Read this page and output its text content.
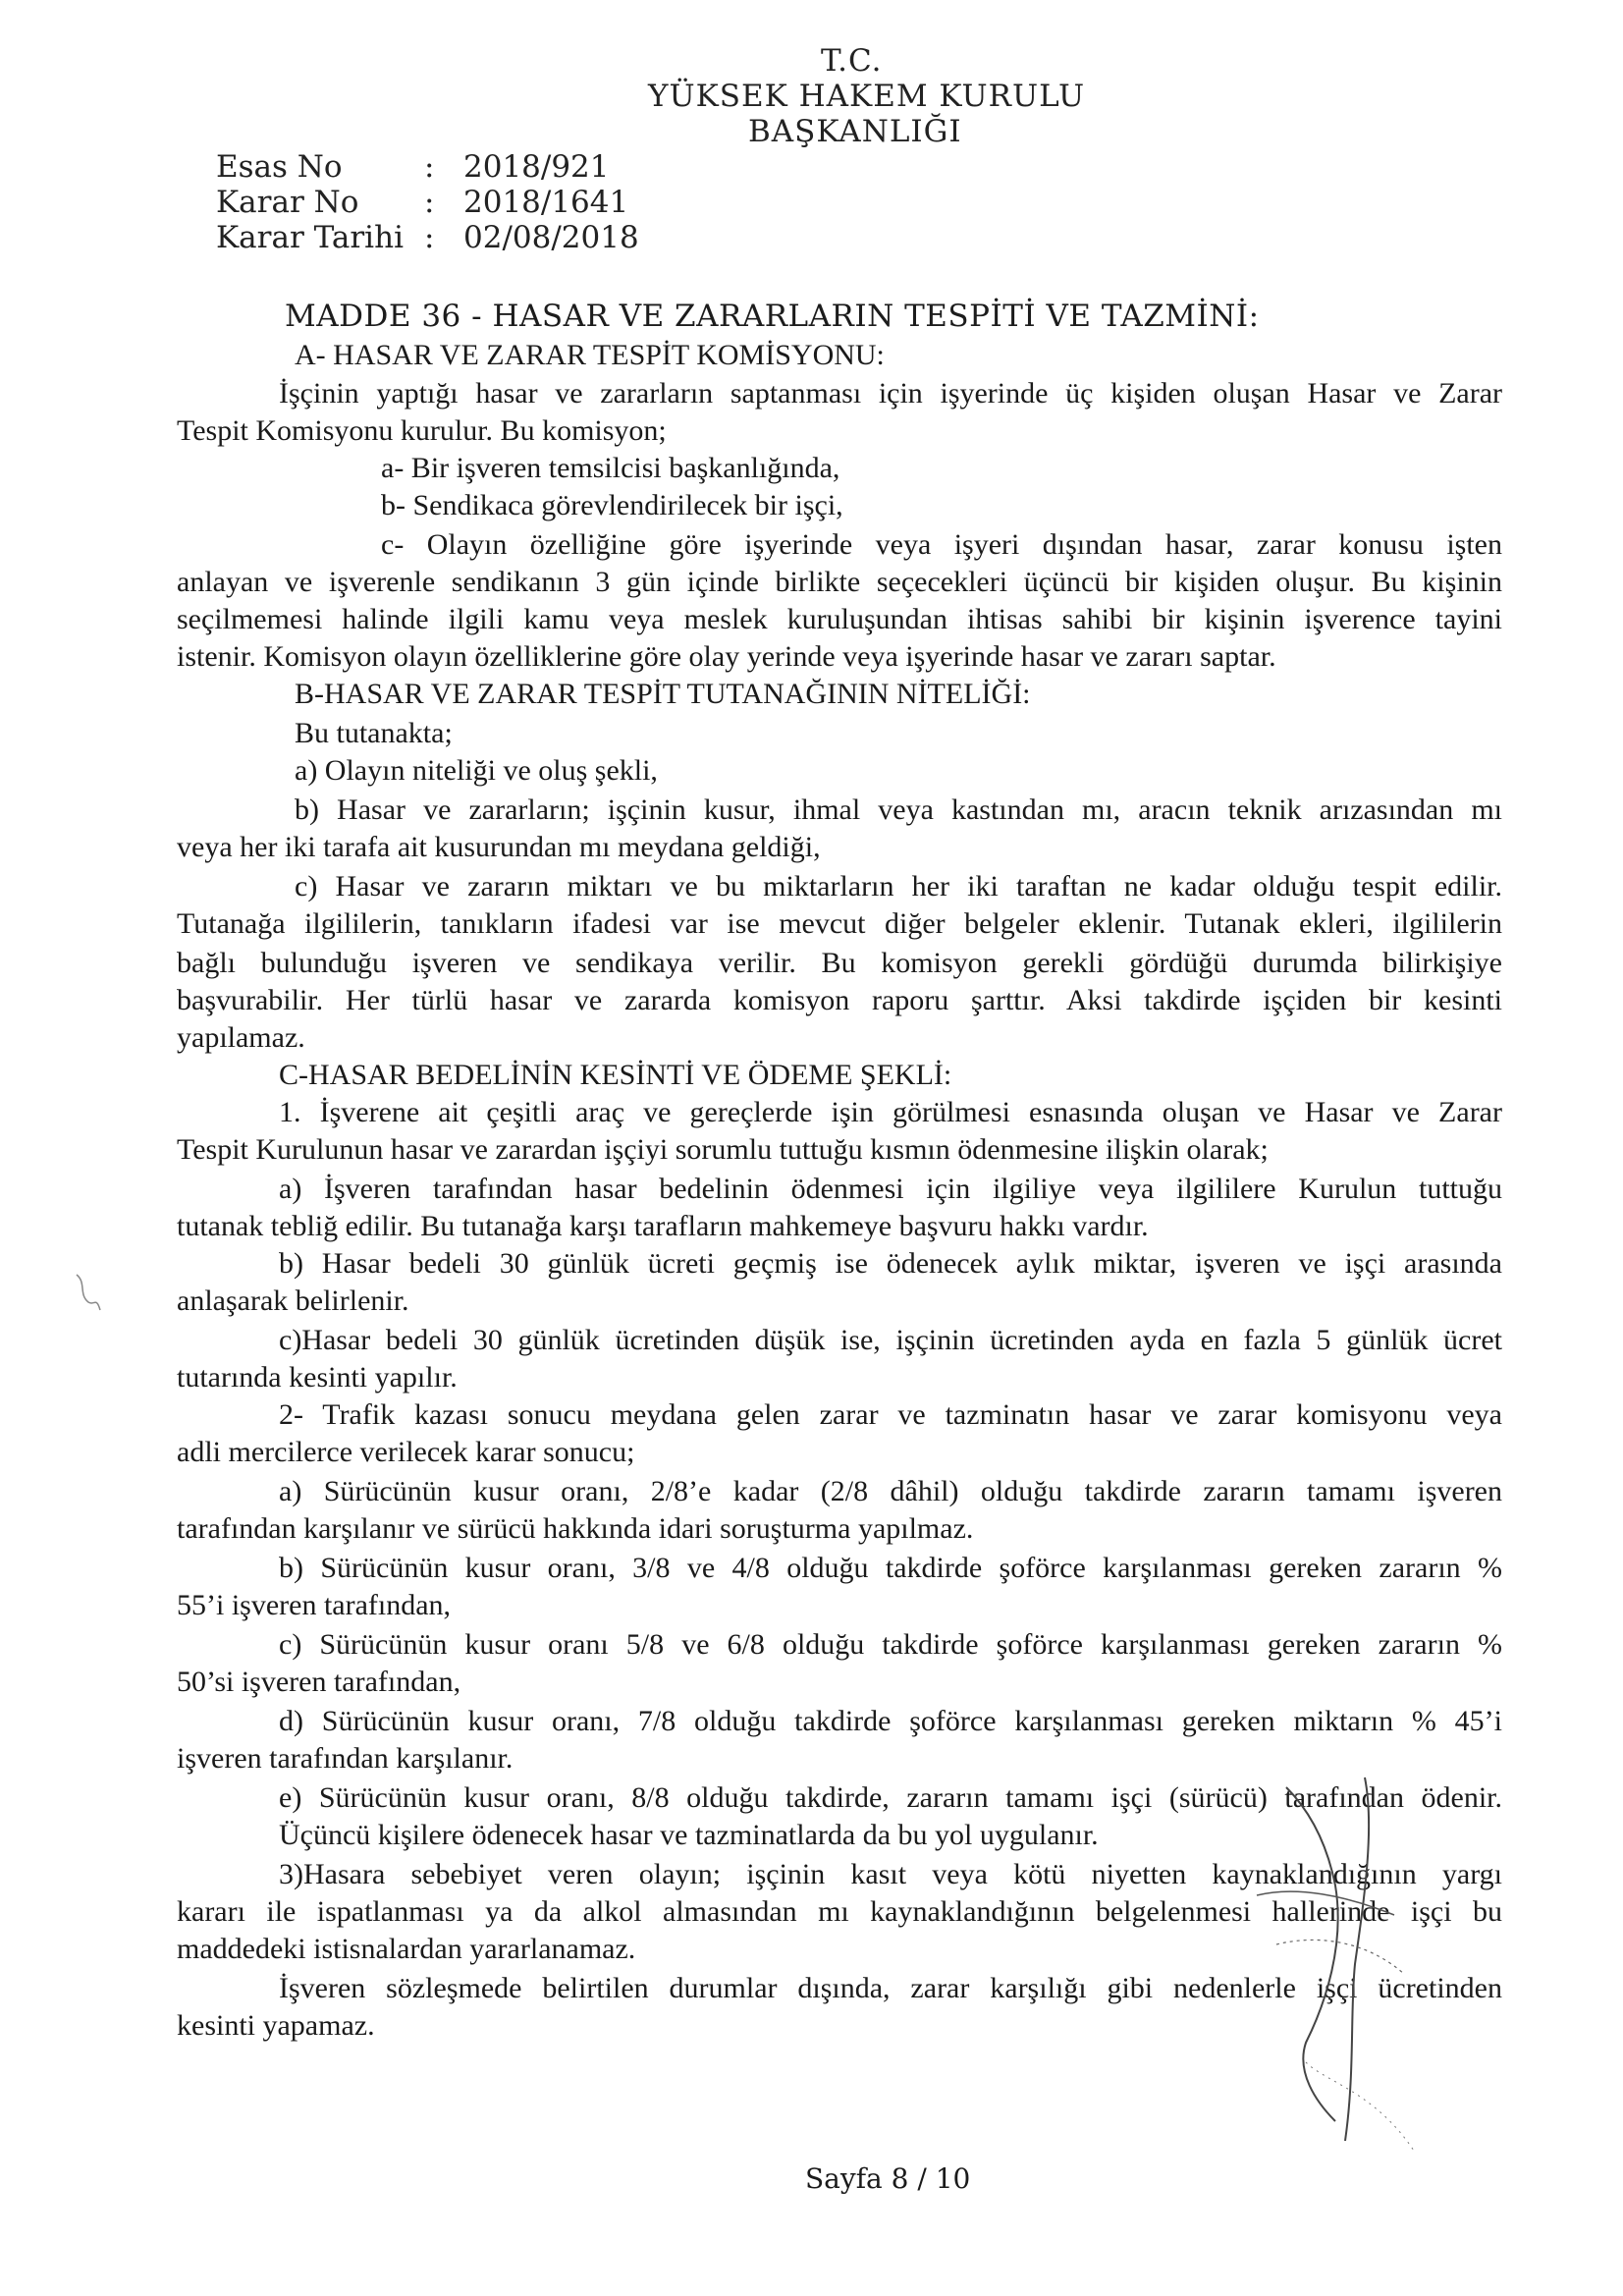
T.C.
YÜKSEK HAKEM KURULU
BAŞKANLIĞI
Esas No	: 2018/921
Karar No : 2018/1641
Karar Tarihi : 02/08/2018
MADDE 36 - HASAR VE ZARARLARIN TESPİTİ VE TAZMİNİ:
A- HASAR VE ZARAR TESPİT KOMİSYONU:
İşçinin yaptığı hasar ve zararların saptanması için işyerinde üç kişiden oluşan Hasar ve Zarar
Tespit Komisyonu kurulur. Bu komisyon;
a- Bir işveren temsilcisi başkanlığında,
b- Sendikaca görevlendirilecek bir işçi,
c- Olayın özelliğine göre işyerinde veya işyeri dışından hasar, zarar konusu işten
anlayan ve işverenle sendikanın 3 gün içinde birlikte seçecekleri üçüncü bir kişiden oluşur. Bu kişinin
seçilmemesi halinde ilgili kamu veya meslek kuruluşundan ihtisas sahibi bir kişinin işverence tayini
istenir. Komisyon olayın özelliklerine göre olay yerinde veya işyerinde hasar ve zararı saptar.
B-HASAR VE ZARAR TESPİT TUTANAĞININ NİTELİĞİ:
Bu tutanakta;
a) Olayın niteliği ve oluş şekli,
b) Hasar ve zararların; işçinin kusur, ihmal veya kastından mı, aracın teknik arızasından mı
veya her iki tarafa ait kusurundan mı meydana geldiği,
c) Hasar ve zararın miktarı ve bu miktarların her iki taraftan ne kadar olduğu tespit edilir.
Tutanağa ilgililerin, tanıkların ifadesi var ise mevcut diğer belgeler eklenir. Tutanak ekleri, ilgililerin
bağlı bulunduğu işveren ve sendikaya verilir. Bu komisyon gerekli gördüğü durumda bilirkişiye
başvurabilir. Her türlü hasar ve zararda komisyon raporu şarttır. Aksi takdirde işçiden bir kesinti
yapılamaz.
C-HASAR BEDELİNİN KESİNTİ VE ÖDEME ŞEKLİ:
1. İşverene ait çeşitli araç ve gereçlerde işin görülmesi esnasında oluşan ve Hasar ve Zarar
Tespit Kurulunun hasar ve zarardan işçiyi sorumlu tuttuğu kısmın ödenmesine ilişkin olarak;
a) İşveren tarafından hasar bedelinin ödenmesi için ilgiliye veya ilgililere Kurulun tuttuğu
tutanak tebliğ edilir. Bu tutanağa karşı tarafların mahkemeye başvuru hakkı vardır.
b) Hasar bedeli 30 günlük ücreti geçmiş ise ödenecek aylık miktar, işveren ve işçi arasında
anlaşarak belirlenir.
c)Hasar bedeli 30 günlük ücretinden düşük ise, işçinin ücretinden ayda en fazla 5 günlük ücret
tutarında kesinti yapılır.
2- Trafik kazası sonucu meydana gelen zarar ve tazminatın hasar ve zarar komisyonu veya
adli mercilerce verilecek karar sonucu;
a) Sürücünün kusur oranı, 2/8’e kadar (2/8 dâhil) olduğu takdirde zararın tamamı işveren
tarafından karşılanır ve sürücü hakkında idari soruşturma yapılmaz.
b) Sürücünün kusur oranı, 3/8 ve 4/8 olduğu takdirde şoförce karşılanması gereken zararın %
55’i işveren tarafından,
c) Sürücünün kusur oranı 5/8 ve 6/8 olduğu takdirde şoförce karşılanması gereken zararın %
50’si işveren tarafından,
d) Sürücünün kusur oranı, 7/8 olduğu takdirde şoförce karşılanması gereken miktarın % 45’i
işveren tarafından karşılanır.
e) Sürücünün kusur oranı, 8/8 olduğu takdirde, zararın tamamı işçi (sürücü) tarafından ödenir.
Üçüncü kişilere ödenecek hasar ve tazminatlarda da bu yol uygulanır.
3)Hasara sebebiyet veren olayın; işçinin kasıt veya kötü niyetten kaynaklandığının yargı
kararı ile ispatlanması ya da alkol almasından mı kaynaklandığının belgelenmesi hallerinde işçi bu
maddedeki istisnalardan yararlanamaz.
İşveren sözleşmede belirtilen durumlar dışında, zarar karşılığı gibi nedenlerle işçi ücretinden
kesinti yapamaz.
Sayfa 8 / 10
